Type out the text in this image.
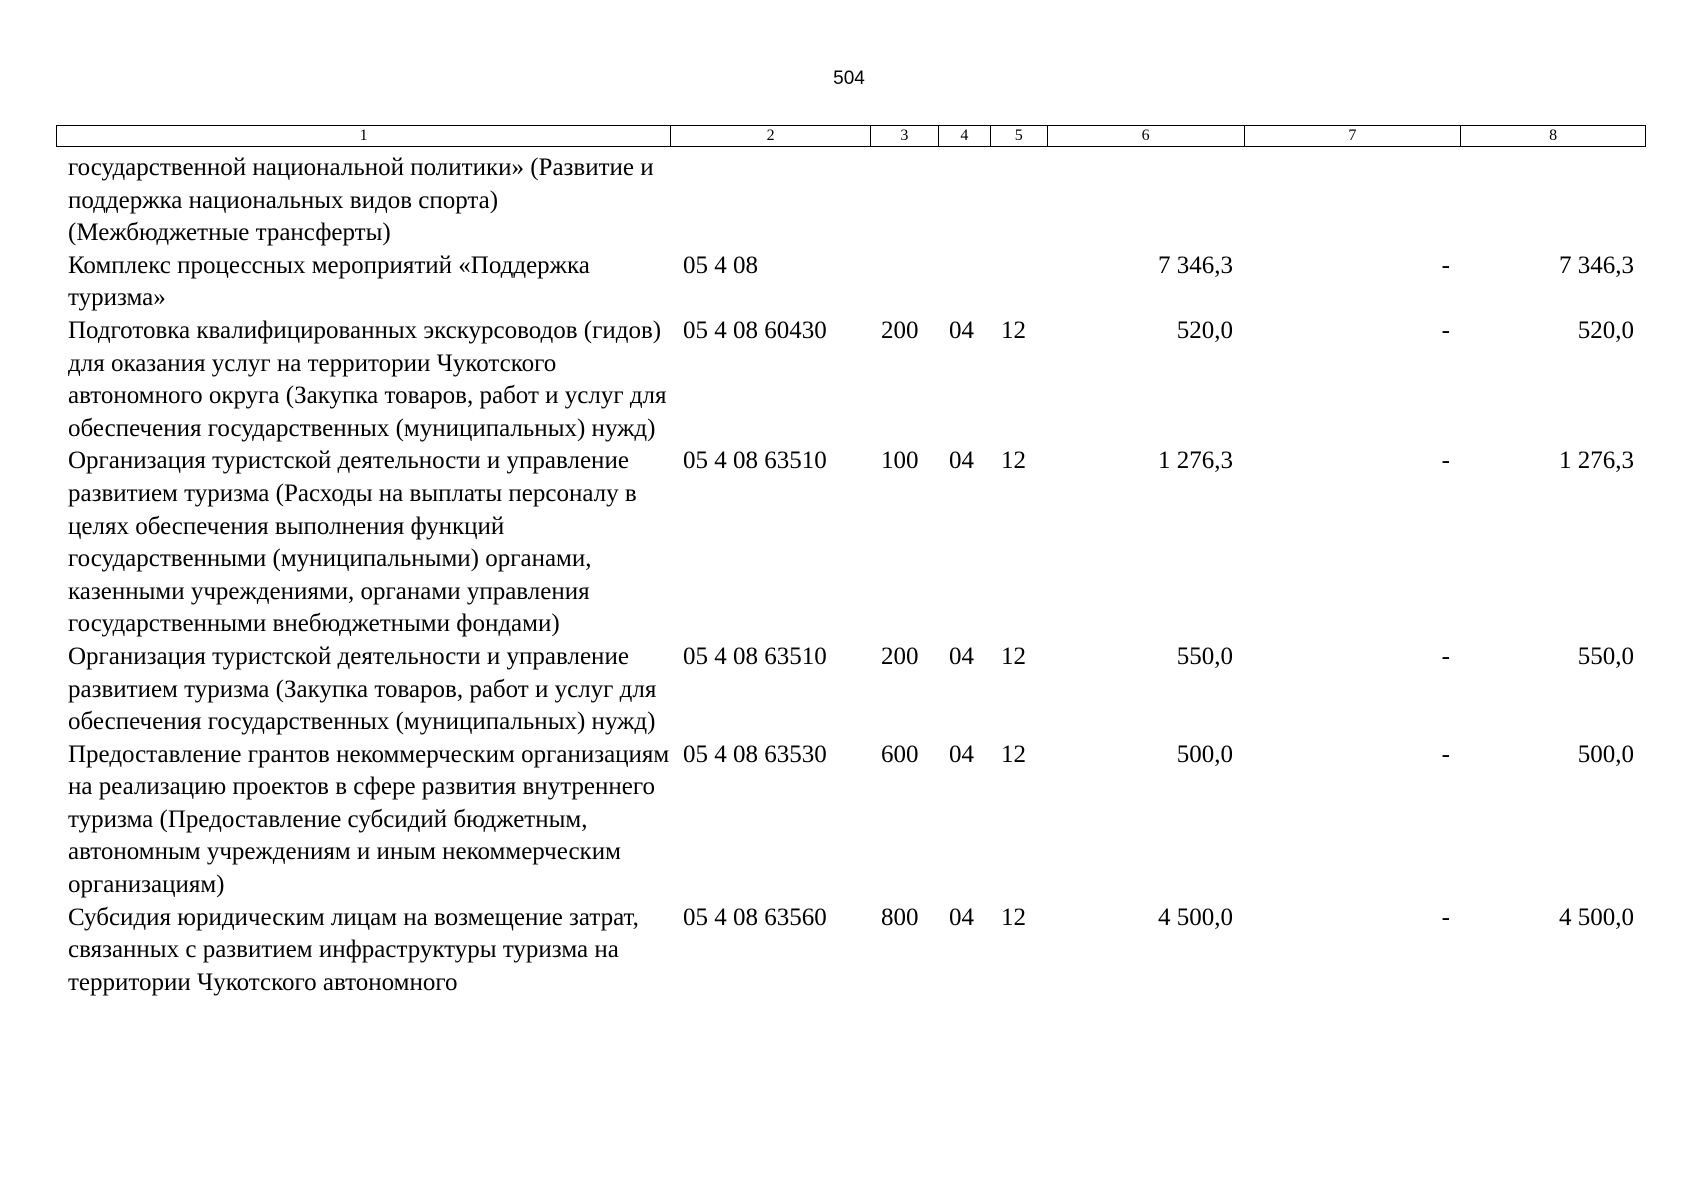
504
1	2	3	4	5	6	7	8
государственной национальной политики» (Развитие и поддержка национальных видов спорта) (Межбюджетные трансферты)							
Комплекс процессных мероприятий «Поддержка туризма»	05 4 08				7 346,3	-	7 346,3
Подготовка квалифицированных экскурсоводов (гидов) для оказания услуг на территории Чукотского автономного округа (Закупка товаров, работ и услуг для обеспечения государственных (муниципальных) нужд)	05 4 08 60430	200	04	12	520,0	-	520,0
Организация туристской деятельности и управление развитием туризма (Расходы на выплаты персоналу в целях обеспечения выполнения функций государственными (муниципальными) органами, казенными учреждениями, органами управления государственными внебюджетными фондами)	05 4 08 63510	100	04	12	1 276,3	-	1 276,3
Организация туристской деятельности и управление развитием туризма (Закупка товаров, работ и услуг для обеспечения государственных (муниципальных) нужд)	05 4 08 63510	200	04	12	550,0	-	550,0
Предоставление грантов некоммерческим организациям на реализацию проектов в сфере развития внутреннего туризма (Предоставление субсидий бюджетным, автономным учреждениям и иным некоммерческим организациям)	05 4 08 63530	600	04	12	500,0	-	500,0
Субсидия юридическим лицам на возмещение затрат, связанных с развитием инфраструктуры туризма на территории Чукотского автономного	05 4 08 63560	800	04	12	4 500,0	-	4 500,0
